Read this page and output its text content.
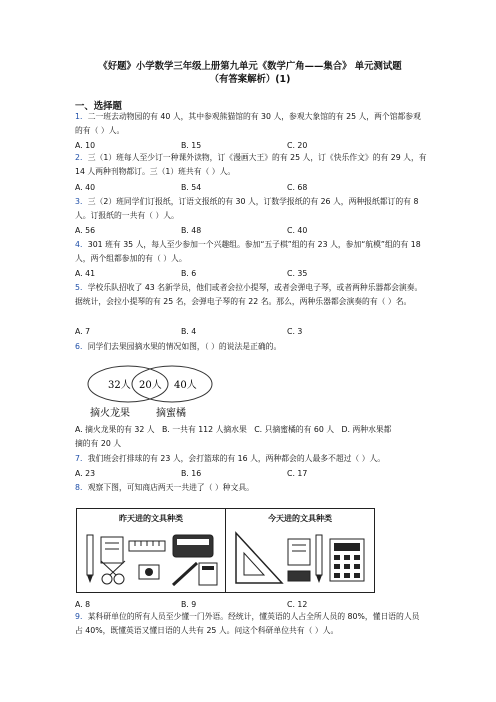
《好题》小学数学三年级上册第九单元《数学广角——集合》 单元测试题
（有答案解析）(1)
一、选择题
1．二一班去动物园的有 40 人，其中参观熊猫馆的有 30 人，参观大象馆的有 25 人，两个馆都参观的有（ ）人。
A. 10	B. 15	C. 20
2．三（1）班每人至少订一种课外读物，订《漫画大王》的有 25 人，订《快乐作文》的有 29 人，有 14 人两种刊物都订。三（1）班共有（ ）人。
A. 40	B. 54	C. 68
3．三（2）班同学们订报纸，订语文报纸的有 30 人，订数学报纸的有 26 人，两种报纸都订的有 8 人。订报纸的一共有（ ）人。
A. 56	B. 48	C. 40
4．301 班有 35 人，每人至少参加一个兴趣组。参加“五子棋”组的有 23 人，参加“航模”组的有 18 人，两个组都参加的有（ ）人。
A. 41	B. 6	C. 35
5．学校乐队招收了 43 名新学员，他们或者会拉小提琴，或者会弹电子琴，或者两种乐器都会演奏。据统计，会拉小提琴的有 25 名，会弹电子琴的有 22 名。那么，两种乐器都会演奏的有（ ）名。
A. 7	B. 4	C. 3
6．同学们去果园摘水果的情况如图，（ ）的说法是正确的。
32人 20人 40人
摘火龙果	摘蜜橘
A. 摘火龙果的有 32 人 B. 一共有 112 人摘水果 C. 只摘蜜橘的有 60 人 D. 两种水果都
摘的有 20 人
7．我们班会打排球的有 23 人，会打篮球的有 16 人，两种都会的人最多不超过（ ）人。
A. 23	B. 16	C. 17
8．观察下图，可知商店两天一共进了（ ）种文具。
昨天进的文具种类	今天进的文具种类
A. 8	B. 9	C. 12
9．某科研单位的所有人员至少懂一门外语。经统计，懂英语的人占全所人员的 80%，懂日语的人员占 40%，既懂英语又懂日语的人共有 25 人。问这个科研单位共有（ ）人。
